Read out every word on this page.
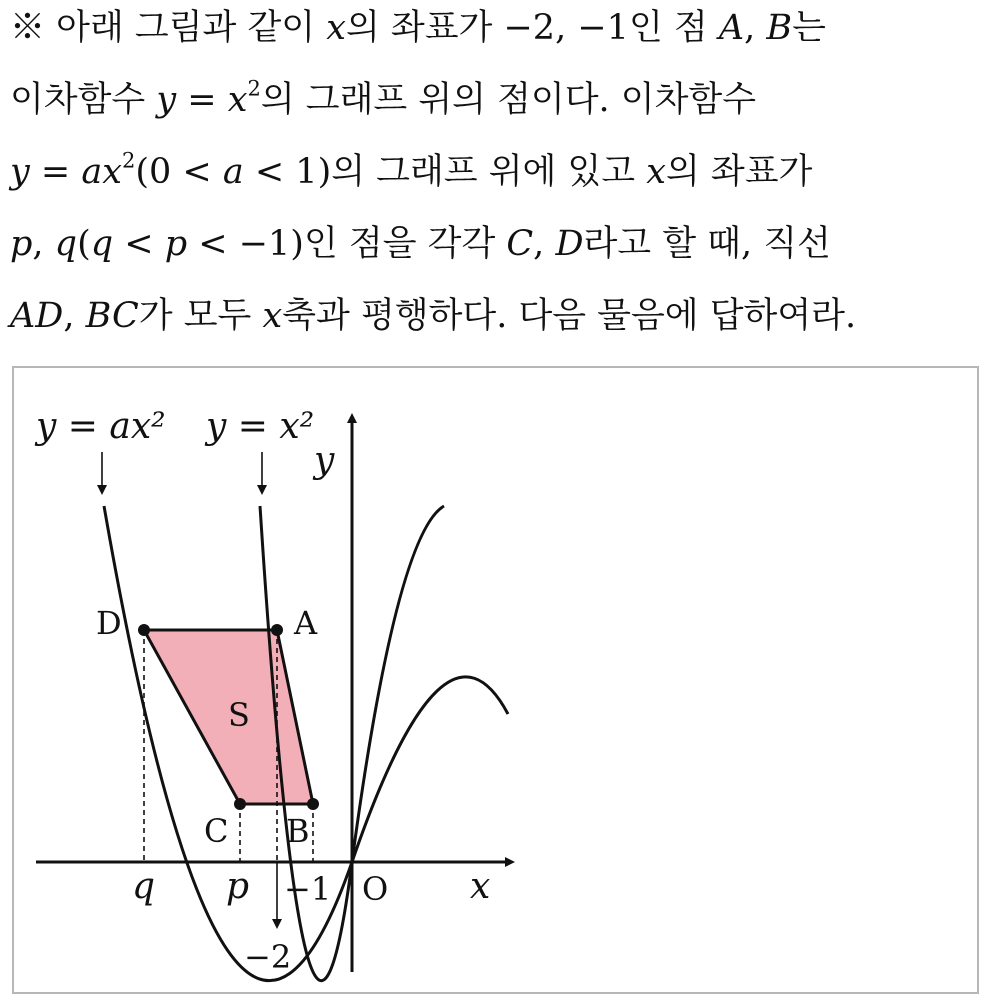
※ 아래 그림과 같이 x의 좌표가 −2, −1인 점 A, B는
이차함수 $y = x^2$의 그래프 위의 점이다. 이차함수
$y = ax^2(0 < a < 1)$의 그래프 위에 있고 x의 좌표가
p, q(q < p < −1)인 점을 각각 C, D라고 할 때, 직선
AD, BC가 모두 x축과 평행하다. 다음 물음에 답하여라.
y = ax² y = x²
y
x
O
D	A
C B
S
q p −1
−2
